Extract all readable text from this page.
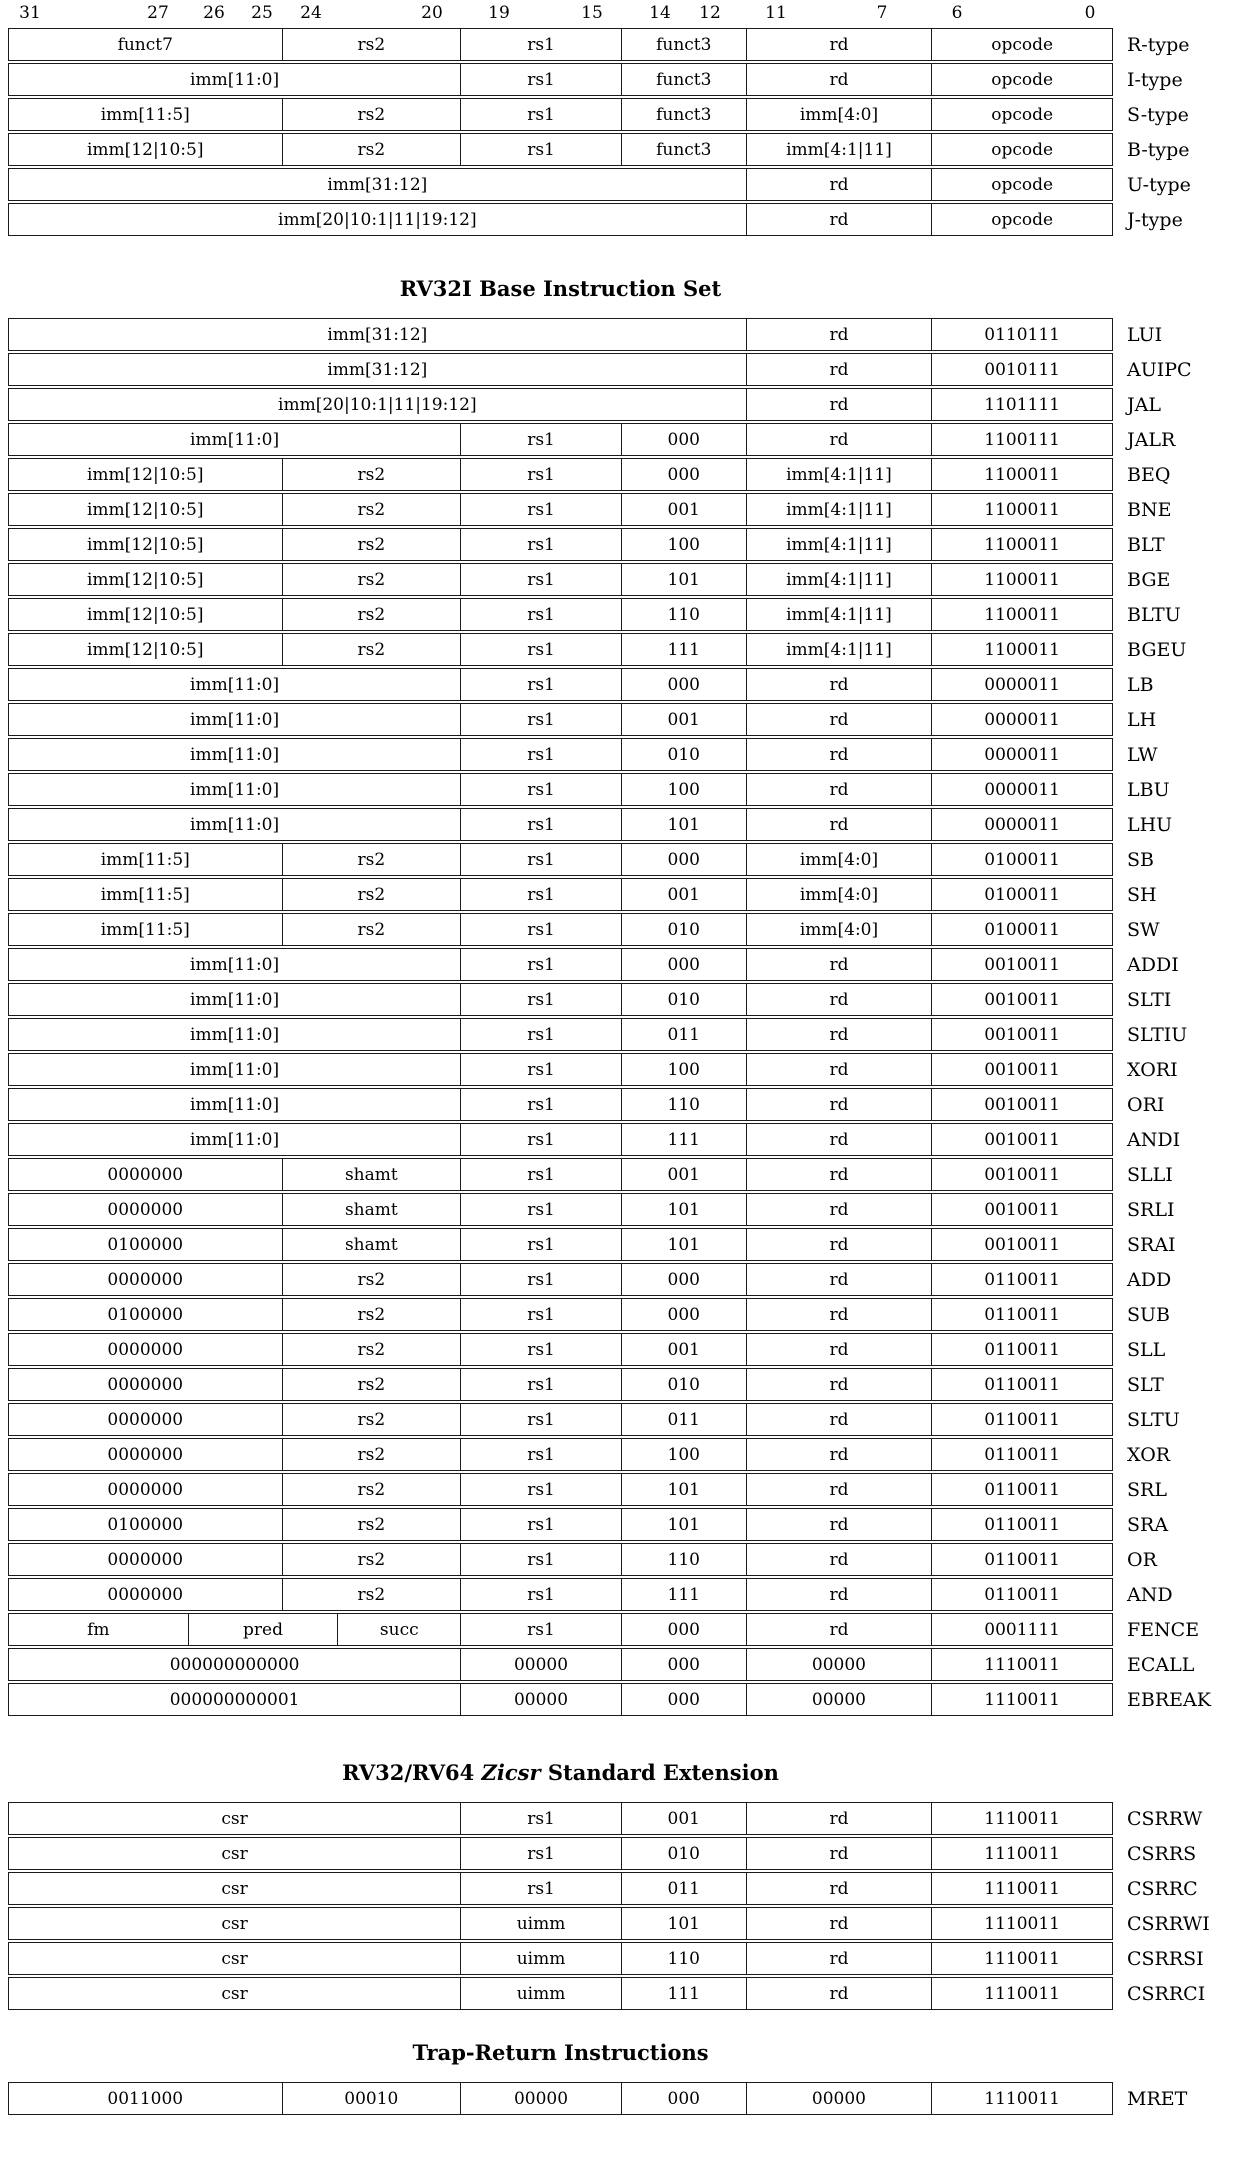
31	27 26 25 24	20	19	15	14 12	11	7	6	0
funct7	rs2	rs1	funct3	rd	opcode	R-type
imm[11:0]	rs1	funct3	rd	opcode	I-type
imm[11:5]	rs2	rs1	funct3	imm[4:0]	opcode	S-type
imm[12|10:5]	rs2	rs1	funct3	imm[4:1|11]	opcode	B-type
imm[31:12]	rd	opcode	U-type
imm[20|10:1|11|19:12]	rd	opcode	J-type
RV32I Base Instruction Set
imm[31:12]	rd	0110111	LUI
imm[31:12]	rd	0010111	AUIPC
imm[20|10:1|11|19:12]	rd	1101111	JAL
imm[11:0]	rs1	000	rd	1100111	JALR
imm[12|10:5]	rs2	rs1	000	imm[4:1|11]	1100011	BEQ
imm[12|10:5]	rs2	rs1	001	imm[4:1|11]	1100011	BNE
imm[12|10:5]	rs2	rs1	100	imm[4:1|11]	1100011	BLT
imm[12|10:5]	rs2	rs1	101	imm[4:1|11]	1100011	BGE
imm[12|10:5]	rs2	rs1	110	imm[4:1|11]	1100011	BLTU
imm[12|10:5]	rs2	rs1	111	imm[4:1|11]	1100011	BGEU
imm[11:0]	rs1	000	rd	0000011	LB
imm[11:0]	rs1	001	rd	0000011	LH
imm[11:0]	rs1	010	rd	0000011	LW
imm[11:0]	rs1	100	rd	0000011	LBU
imm[11:0]	rs1	101	rd	0000011	LHU
imm[11:5]	rs2	rs1	000	imm[4:0]	0100011	SB
imm[11:5]	rs2	rs1	001	imm[4:0]	0100011	SH
imm[11:5]	rs2	rs1	010	imm[4:0]	0100011	SW
imm[11:0]	rs1	000	rd	0010011	ADDI
imm[11:0]	rs1	010	rd	0010011	SLTI
imm[11:0]	rs1	011	rd	0010011	SLTIU
imm[11:0]	rs1	100	rd	0010011	XORI
imm[11:0]	rs1	110	rd	0010011	ORI
imm[11:0]	rs1	111	rd	0010011	ANDI
0000000	shamt	rs1	001	rd	0010011	SLLI
0000000	shamt	rs1	101	rd	0010011	SRLI
0100000	shamt	rs1	101	rd	0010011	SRAI
0000000	rs2	rs1	000	rd	0110011	ADD
0100000	rs2	rs1	000	rd	0110011	SUB
0000000	rs2	rs1	001	rd	0110011	SLL
0000000	rs2	rs1	010	rd	0110011	SLT
0000000	rs2	rs1	011	rd	0110011	SLTU
0000000	rs2	rs1	100	rd	0110011	XOR
0000000	rs2	rs1	101	rd	0110011	SRL
0100000	rs2	rs1	101	rd	0110011	SRA
0000000	rs2	rs1	110	rd	0110011	OR
0000000	rs2	rs1	111	rd	0110011	AND
fm	pred	succ	rs1	000	rd	0001111	FENCE
000000000000	00000	000	00000	1110011	ECALL
000000000001	00000	000	00000	1110011	EBREAK
RV32/RV64 Zicsr Standard Extension
csr	rs1	001	rd	1110011	CSRRW
csr	rs1	010	rd	1110011	CSRRS
csr	rs1	011	rd	1110011	CSRRC
csr	uimm	101	rd	1110011	CSRRWI
csr	uimm	110	rd	1110011	CSRRSI
csr	uimm	111	rd	1110011	CSRRCI
Trap-Return Instructions
0011000	00010	00000	000	00000	1110011	MRET
